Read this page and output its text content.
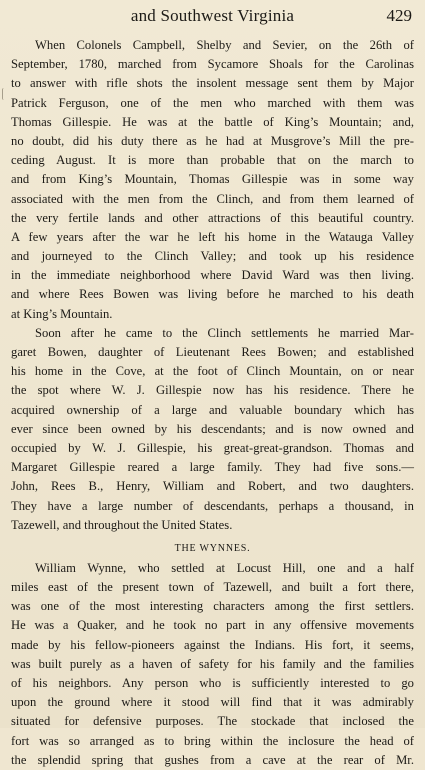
and Southwest Virginia	429
When Colonels Campbell, Shelby and Sevier, on the 26th of
September, 1780, marched from Sycamore Shoals for the Carolinas
to answer with rifle shots the insolent message sent them by Major
Patrick Ferguson, one of the men who marched with them was
Thomas Gillespie. He was at the battle of King’s Mountain; and,
no doubt, did his duty there as he had at Musgrove’s Mill the pre-
ceding August. It is more than probable that on the march to
and from King’s Mountain, Thomas Gillespie was in some way
associated with the men from the Clinch, and from them learned of
the very fertile lands and other attractions of this beautiful country.
A few years after the war he left his home in the Watauga Valley
and journeyed to the Clinch Valley; and took up his residence
in the immediate neighborhood where David Ward was then living.
and where Rees Bowen was living before he marched to his death
at King’s Mountain.
Soon after he came to the Clinch settlements he married Mar-
garet Bowen, daughter of Lieutenant Rees Bowen; and established
his home in the Cove, at the foot of Clinch Mountain, on or near
the spot where W. J. Gillespie now has his residence. There he
acquired ownership of a large and valuable boundary which has
ever since been owned by his descendants; and is now owned and
occupied by W. J. Gillespie, his great-great-grandson. Thomas and
Margaret Gillespie reared a large family. They had five sons.—
John, Rees B., Henry, William and Robert, and two daughters.
They have a large number of descendants, perhaps a thousand, in
Tazewell, and throughout the United States.
THE WYNNES.
William Wynne, who settled at Locust Hill, one and a half
miles east of the present town of Tazewell, and built a fort there,
was one of the most interesting characters among the first settlers.
He was a Quaker, and he took no part in any offensive movements
made by his fellow-pioneers against the Indians. His fort, it seems,
was built purely as a haven of safety for his family and the families
of his neighbors. Any person who is sufficiently interested to go
upon the ground where it stood will find that it was admirably
situated for defensive purposes. The stockade that inclosed the
fort was so arranged as to bring within the inclosure the head of
the splendid spring that gushes from a cave at the rear of Mr.
